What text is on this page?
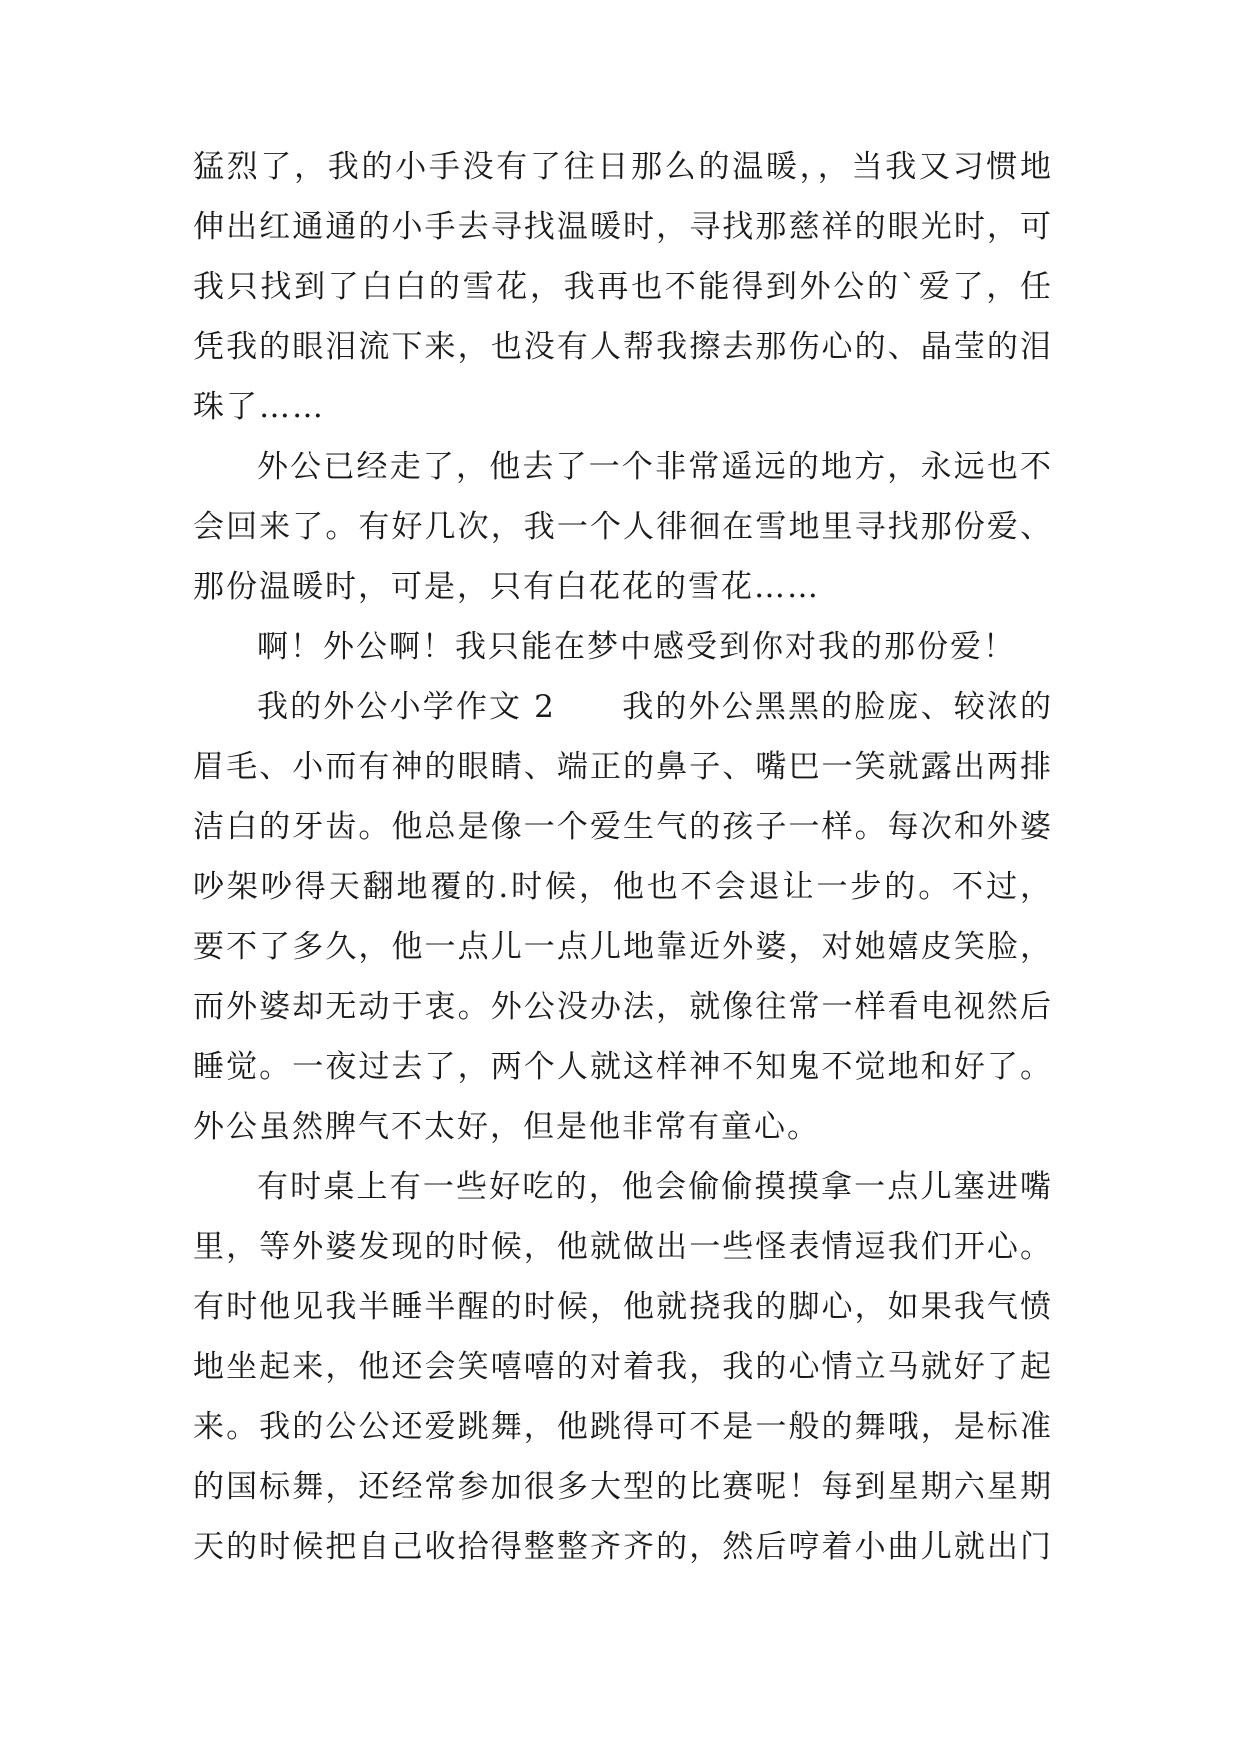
猛烈了，我的小手没有了往日那么的温暖，，当我又习惯地
伸出红通通的小手去寻找温暖时，寻找那慈祥的眼光时，可
我只找到了白白的雪花，我再也不能得到外公的`爱了，任
凭我的眼泪流下来，也没有人帮我擦去那伤心的、晶莹的泪
珠了……
外公已经走了，他去了一个非常遥远的地方，永远也不
会回来了。有好几次，我一个人徘徊在雪地里寻找那份爱、
那份温暖时，可是，只有白花花的雪花……
啊！外公啊！我只能在梦中感受到你对我的那份爱！
我的外公小学作文 2　　我的外公黑黑的脸庞、较浓的
眉毛、小而有神的眼睛、端正的鼻子、嘴巴一笑就露出两排
洁白的牙齿。他总是像一个爱生气的孩子一样。每次和外婆
吵架吵得天翻地覆的.时候，他也不会退让一步的。不过，
要不了多久，他一点儿一点儿地靠近外婆，对她嬉皮笑脸，
而外婆却无动于衷。外公没办法，就像往常一样看电视然后
睡觉。一夜过去了，两个人就这样神不知鬼不觉地和好了。
外公虽然脾气不太好，但是他非常有童心。
有时桌上有一些好吃的，他会偷偷摸摸拿一点儿塞进嘴
里，等外婆发现的时候，他就做出一些怪表情逗我们开心。
有时他见我半睡半醒的时候，他就挠我的脚心，如果我气愤
地坐起来，他还会笑嘻嘻的对着我，我的心情立马就好了起
来。我的公公还爱跳舞，他跳得可不是一般的舞哦，是标准
的国标舞，还经常参加很多大型的比赛呢！每到星期六星期
天的时候把自己收拾得整整齐齐的，然后哼着小曲儿就出门
